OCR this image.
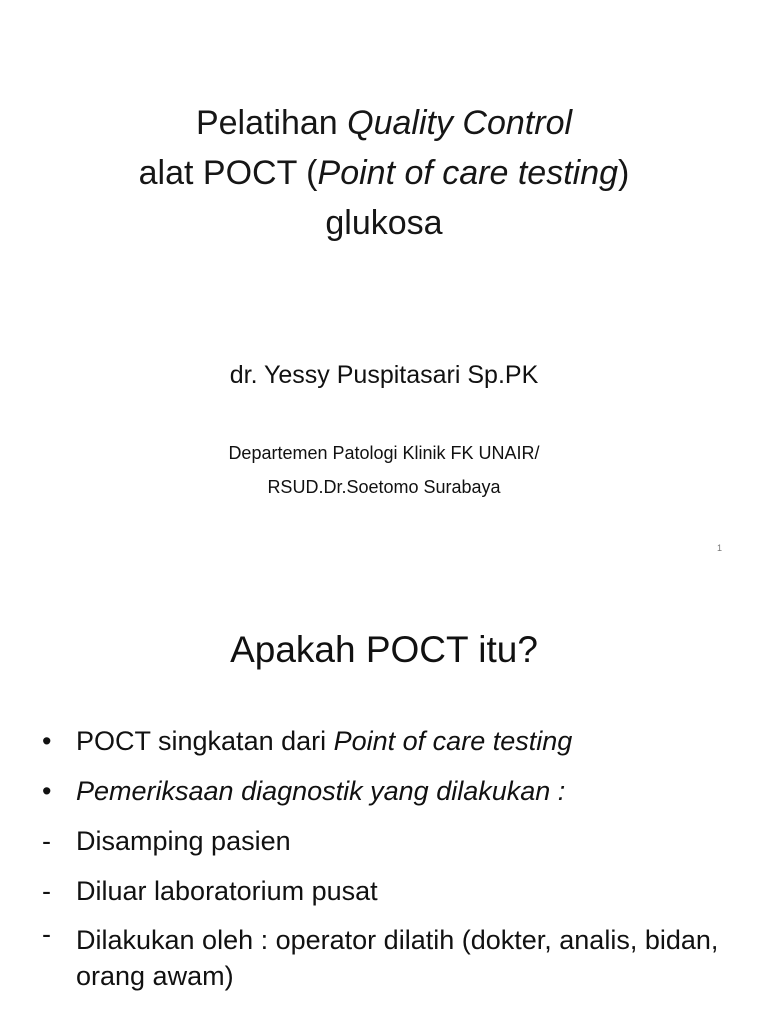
Pelatihan Quality Control
alat POCT (Point of care testing)
glukosa
dr. Yessy Puspitasari Sp.PK
Departemen Patologi Klinik FK UNAIR/
RSUD.Dr.Soetomo Surabaya
1
Apakah POCT itu?
• POCT singkatan dari Point of care testing
• Pemeriksaan diagnostik yang dilakukan :
- Disamping pasien
- Diluar laboratorium pusat
- Dilakukan oleh : operator dilatih (dokter, analis, bidan, orang awam)
